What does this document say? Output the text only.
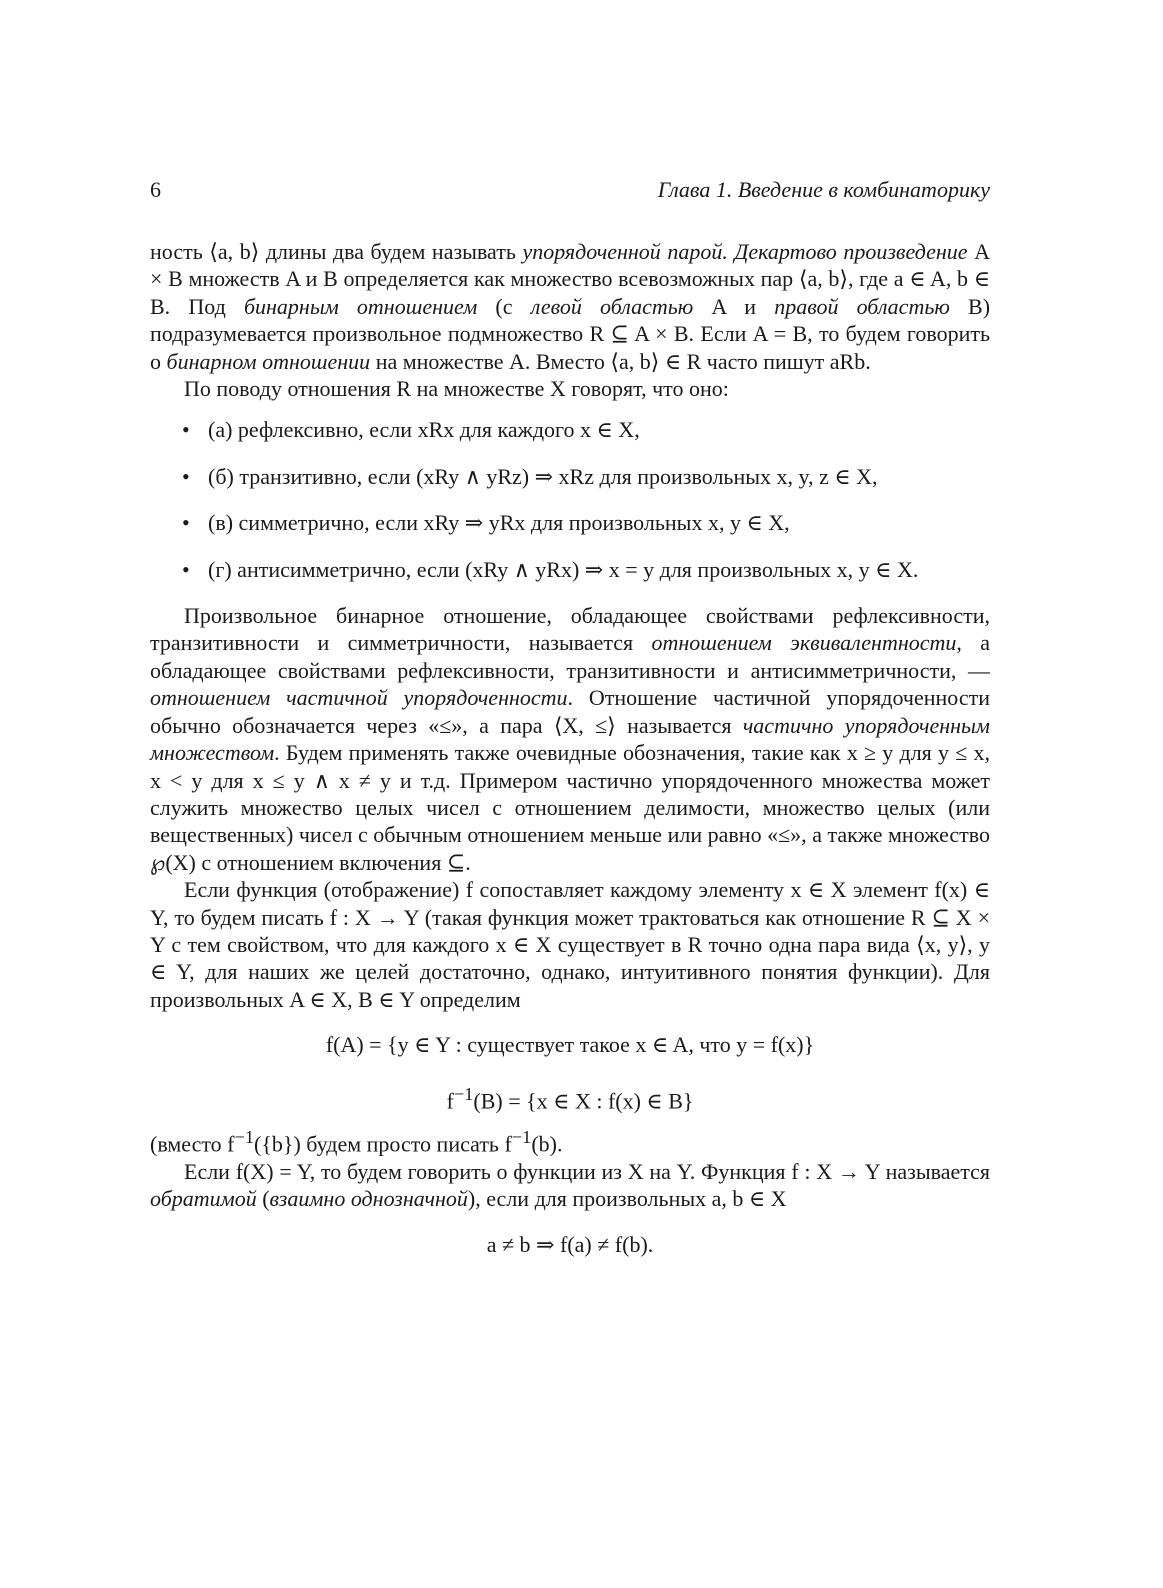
6	Глава 1. Введение в комбинаторику

ность ⟨a, b⟩ длины два будем называть упорядоченной парой. Декартово произведение A × B множеств A и B определяется как множество всевозможных пар ⟨a, b⟩, где a ∈ A, b ∈ B. Под бинарным отношением (с левой областью A и правой областью B) подразумевается произвольное подмножество R ⊆ A × B. Если A = B, то будем говорить о бинарном отношении на множестве A. Вместо ⟨a, b⟩ ∈ R часто пишут aRb.

По поводу отношения R на множестве X говорят, что оно:

• (а) рефлексивно, если xRx для каждого x ∈ X,
• (б) транзитивно, если (xRy ∧ yRz) ⇒ xRz для произвольных x, y, z ∈ X,
• (в) симметрично, если xRy ⇒ yRx для произвольных x, y ∈ X,
• (г) антисимметрично, если (xRy ∧ yRx) ⇒ x = y для произвольных x, y ∈ X.

Произвольное бинарное отношение, обладающее свойствами рефлексивности, транзитивности и симметричности, называется отношением эквивалентности, а обладающее свойствами рефлексивности, транзитивности и антисимметричности, — отношением частичной упорядоченности. Отношение частичной упорядоченности обычно обозначается через «≤», а пара ⟨X, ≤⟩ называется частично упорядоченным множеством. Будем применять также очевидные обозначения, такие как x ≥ y для y ≤ x, x < y для x ≤ y ∧ x ≠ y и т.д. Примером частично упорядоченного множества может служить множество целых чисел с отношением делимости, множество целых (или вещественных) чисел с обычным отношением меньше или равно «≤», а также множество ℘(X) с отношением включения ⊆.

Если функция (отображение) f сопоставляет каждому элементу x ∈ X элемент f(x) ∈ Y, то будем писать f : X → Y (такая функция может трактоваться как отношение R ⊆ X × Y с тем свойством, что для каждого x ∈ X существует в R точно одна пара вида ⟨x, y⟩, y ∈ Y, для наших же целей достаточно, однако, интуитивного понятия функции). Для произвольных A ∈ X, B ∈ Y определим

f(A) = {y ∈ Y : существует такое x ∈ A, что y = f(x)}

$f^{-1}(B) = \{x$ ∈ X : f(x) ∈ B}

(вместо $f^{-1}(\{b\})$ будем просто писать $f^{-1}(b)$.

Если f(X) = Y, то будем говорить о функции из X на Y. Функция f : X → Y называется обратимой (взаимно однозначной), если для произвольных a, b ∈ X

a ≠ b ⇒ f(a) ≠ f(b).
